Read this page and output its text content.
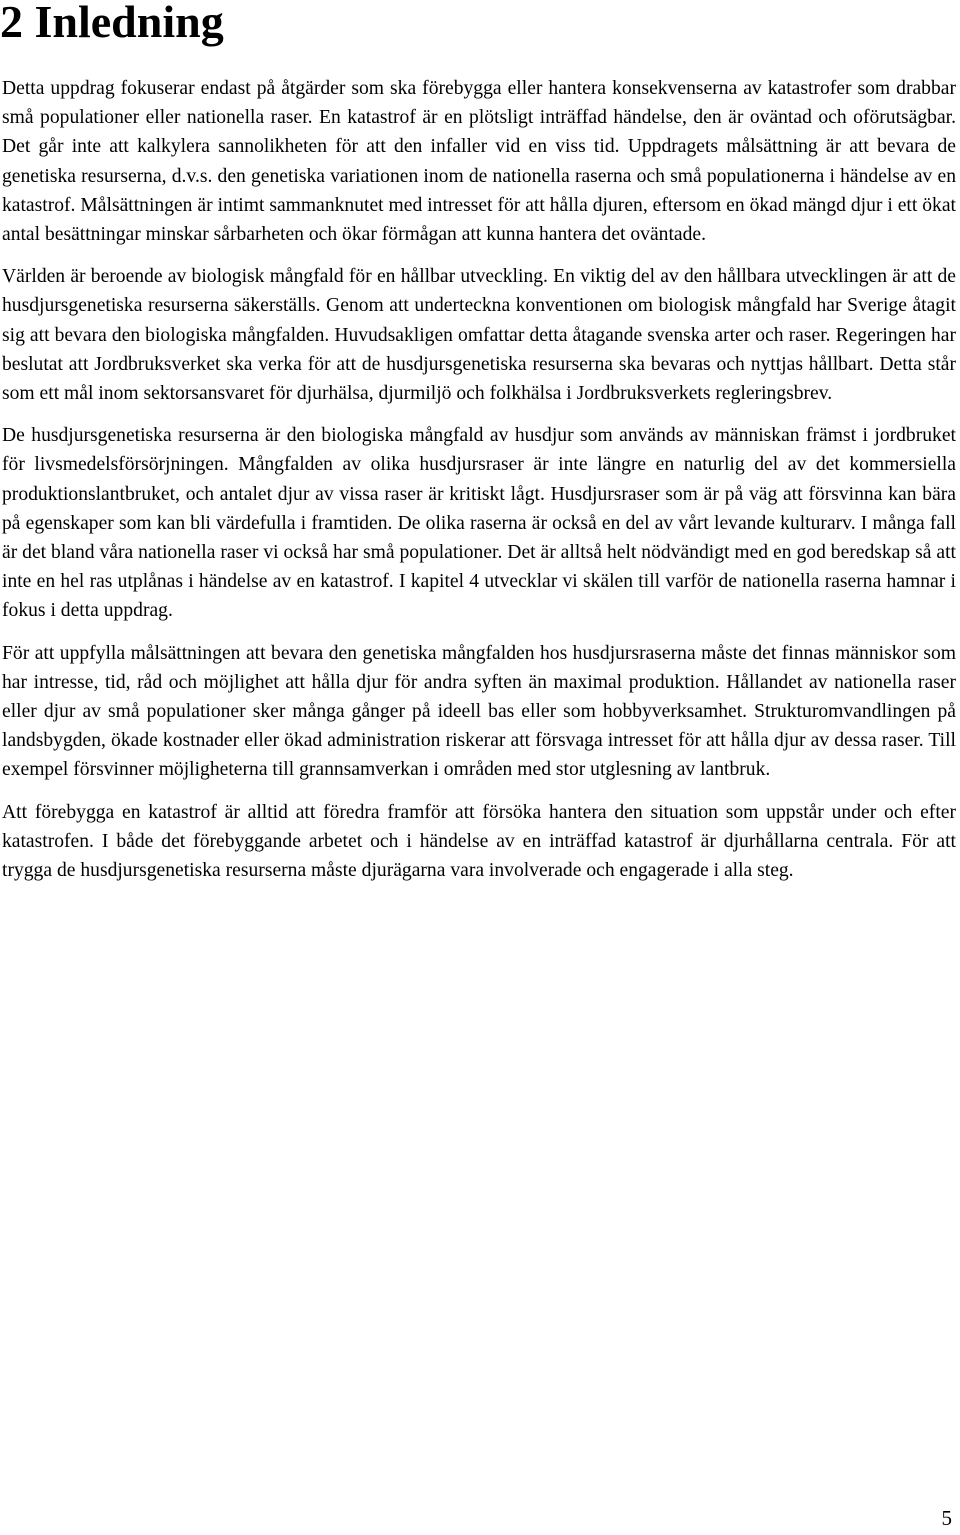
2 Inledning

Detta uppdrag fokuserar endast på åtgärder som ska förebygga eller hantera konsekvenserna av katastrofer som drabbar små populationer eller nationella raser. En katastrof är en plötsligt inträffad händelse, den är oväntad och oförutsägbar. Det går inte att kalkylera sannolikheten för att den infaller vid en viss tid. Uppdragets målsättning är att bevara de genetiska resurserna, d.v.s. den genetiska variationen inom de nationella raserna och små populationerna i händelse av en katastrof. Målsättningen är intimt sammanknutet med intresset för att hålla djuren, eftersom en ökad mängd djur i ett ökat antal besättningar minskar sårbarheten och ökar förmågan att kunna hantera det oväntade.

Världen är beroende av biologisk mångfald för en hållbar utveckling. En viktig del av den hållbara utvecklingen är att de husdjursgenetiska resurserna säkerställs. Genom att underteckna konventionen om biologisk mångfald har Sverige åtagit sig att bevara den biologiska mångfalden. Huvudsakligen omfattar detta åtagande svenska arter och raser. Regeringen har beslutat att Jordbruksverket ska verka för att de husdjursgenetiska resurserna ska bevaras och nyttjas hållbart. Detta står som ett mål inom sektorsansvaret för djurhälsa, djurmiljö och folkhälsa i Jordbruksverkets regleringsbrev.

De husdjursgenetiska resurserna är den biologiska mångfald av husdjur som används av människan främst i jordbruket för livsmedelsförsörjningen. Mångfalden av olika husdjursraser är inte längre en naturlig del av det kommersiella produktionslantbruket, och antalet djur av vissa raser är kritiskt lågt. Husdjursraser som är på väg att försvinna kan bära på egenskaper som kan bli värdefulla i framtiden. De olika raserna är också en del av vårt levande kulturarv. I många fall är det bland våra nationella raser vi också har små populationer. Det är alltså helt nödvändigt med en god beredskap så att inte en hel ras utplånas i händelse av en katastrof. I kapitel 4 utvecklar vi skälen till varför de nationella raserna hamnar i fokus i detta uppdrag.

För att uppfylla målsättningen att bevara den genetiska mångfalden hos husdjursraserna måste det finnas människor som har intresse, tid, råd och möjlighet att hålla djur för andra syften än maximal produktion. Hållandet av nationella raser eller djur av små populationer sker många gånger på ideell bas eller som hobbyverksamhet. Strukturomvandlingen på landsbygden, ökade kostnader eller ökad administration riskerar att försvaga intresset för att hålla djur av dessa raser. Till exempel försvinner möjligheterna till grannsamverkan i områden med stor utglesning av lantbruk.

Att förebygga en katastrof är alltid att föredra framför att försöka hantera den situation som uppstår under och efter katastrofen. I både det förebyggande arbetet och i händelse av en inträffad katastrof är djurhållarna centrala. För att trygga de husdjursgenetiska resurserna måste djurägarna vara involverade och engagerade i alla steg.

5
